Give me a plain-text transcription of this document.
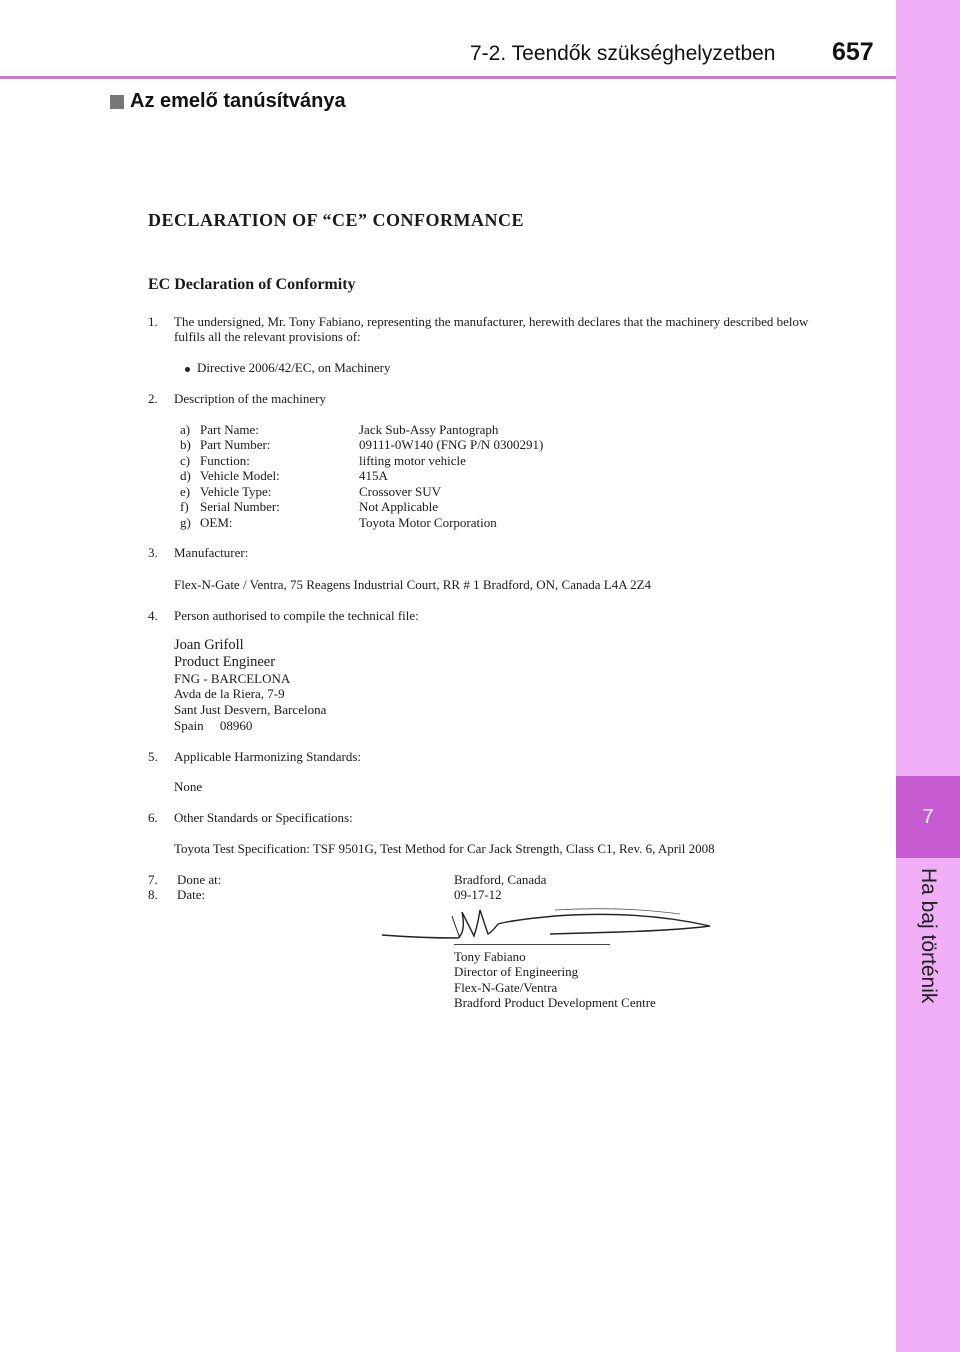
7
Ha baj történik
7-2. Teendők szükséghelyzetben 657
Az emelő tanúsítványa
DECLARATION OF “CE” CONFORMANCE
EC Declaration of Conformity
1. The undersigned, Mr. Tony Fabiano, representing the manufacturer, herewith declares that the machinery described below
fulfils all the relevant provisions of:
Directive 2006/42/EC, on Machinery
2. Description of the machinery
a) Part Name:	Jack Sub-Assy Pantograph
b) Part Number:	09111-0W140 (FNG P/N 0300291)
c) Function:	lifting motor vehicle
d) Vehicle Model:	415A
e) Vehicle Type:	Crossover SUV
f) Serial Number:	Not Applicable
g) OEM:	Toyota Motor Corporation
3. Manufacturer:
Flex-N-Gate / Ventra, 75 Reagens Industrial Court, RR # 1 Bradford, ON, Canada L4A 2Z4
4. Person authorised to compile the technical file:
Joan Grifoll
Product Engineer
FNG - BARCELONA
Avda de la Riera, 7-9
Sant Just Desvern, Barcelona
Spain     08960
5. Applicable Harmonizing Standards:
None
6. Other Standards or Specifications:
Toyota Test Specification: TSF 9501G, Test Method for Car Jack Strength, Class C1, Rev. 6, April 2008
7. Done at:	Bradford, Canada
8. Date:	09-17-12
Tony Fabiano
Director of Engineering
Flex-N-Gate/Ventra
Bradford Product Development Centre
